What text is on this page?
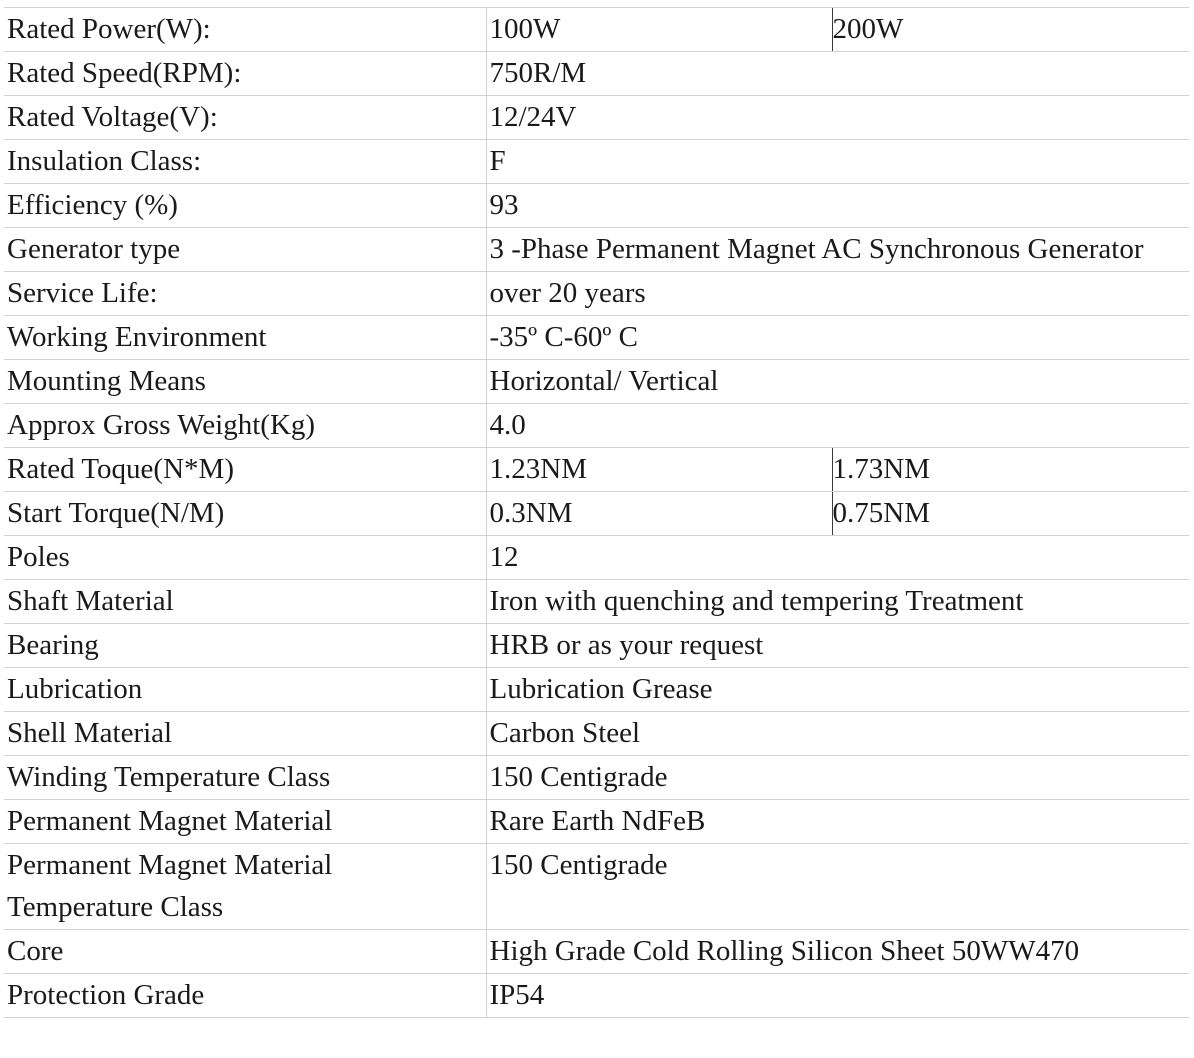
Rated Power(W):	100W	200W
Rated Speed(RPM):	750R/M	
Rated Voltage(V):	12/24V	
Insulation Class:	F	
Efficiency (%)	93	
Generator type	3 -Phase Permanent Magnet AC Synchronous Generator	
Service Life:	over 20 years	
Working Environment	-35º C-60º C	
Mounting Means	Horizontal/ Vertical	
Approx Gross Weight(Kg)	4.0	
Rated Toque(N*M)	1.23NM	1.73NM
Start Torque(N/M)	0.3NM	0.75NM
Poles	12	
Shaft Material	Iron with quenching and tempering Treatment	
Bearing	HRB or as your request	
Lubrication	Lubrication Grease	
Shell Material	Carbon Steel	
Winding Temperature Class	150 Centigrade	
Permanent Magnet Material	Rare Earth NdFeB	
Permanent Magnet Material Temperature Class	150 Centigrade	
Core	High Grade Cold Rolling Silicon Sheet 50WW470	
Protection Grade	IP54	
